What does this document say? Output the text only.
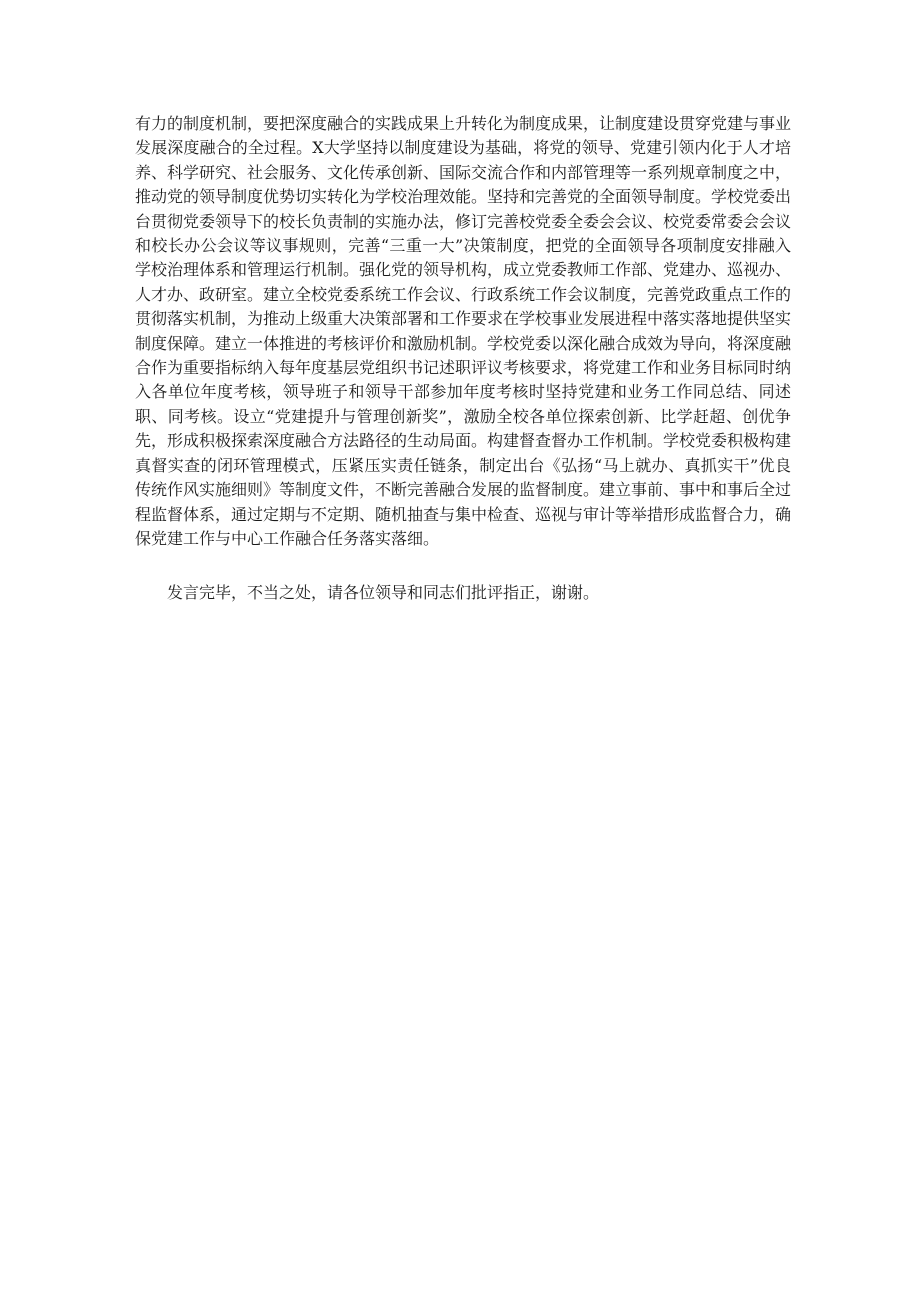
有力的制度机制，要把深度融合的实践成果上升转化为制度成果，让制度建设贯穿党建与事业发展深度融合的全过程。X大学坚持以制度建设为基础，将党的领导、党建引领内化于人才培养、科学研究、社会服务、文化传承创新、国际交流合作和内部管理等一系列规章制度之中，推动党的领导制度优势切实转化为学校治理效能。坚持和完善党的全面领导制度。学校党委出台贯彻党委领导下的校长负责制的实施办法，修订完善校党委全委会会议、校党委常委会会议和校长办公会议等议事规则，完善“三重一大”决策制度，把党的全面领导各项制度安排融入学校治理体系和管理运行机制。强化党的领导机构，成立党委教师工作部、党建办、巡视办、人才办、政研室。建立全校党委系统工作会议、行政系统工作会议制度，完善党政重点工作的贯彻落实机制，为推动上级重大决策部署和工作要求在学校事业发展进程中落实落地提供坚实制度保障。建立一体推进的考核评价和激励机制。学校党委以深化融合成效为导向，将深度融合作为重要指标纳入每年度基层党组织书记述职评议考核要求，将党建工作和业务目标同时纳入各单位年度考核，领导班子和领导干部参加年度考核时坚持党建和业务工作同总结、同述职、同考核。设立“党建提升与管理创新奖”，激励全校各单位探索创新、比学赶超、创优争先，形成积极探索深度融合方法路径的生动局面。构建督查督办工作机制。学校党委积极构建真督实查的闭环管理模式，压紧压实责任链条，制定出台《弘扬“马上就办、真抓实干”优良传统作风实施细则》等制度文件，不断完善融合发展的监督制度。建立事前、事中和事后全过程监督体系，通过定期与不定期、随机抽查与集中检查、巡视与审计等举措形成监督合力，确保党建工作与中心工作融合任务落实落细。

发言完毕，不当之处，请各位领导和同志们批评指正，谢谢。
